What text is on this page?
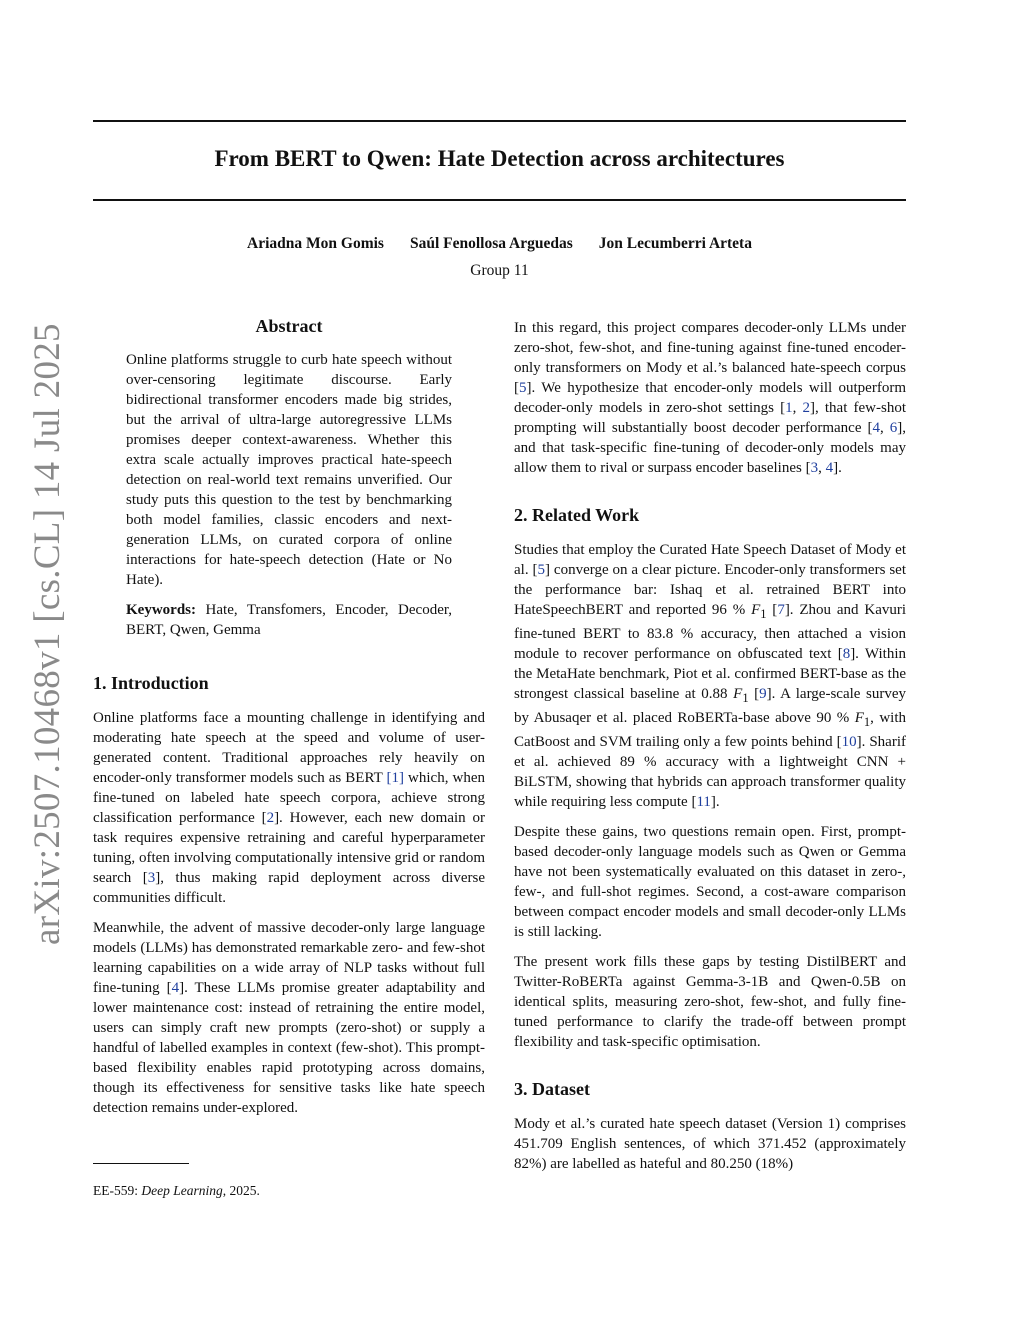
arXiv:2507.10468v1 [cs.CL] 14 Jul 2025
From BERT to Qwen: Hate Detection across architectures
Ariadna Mon Gomis Saúl Fenollosa Arguedas Jon Lecumberri Arteta
Group 11
Abstract

Online platforms struggle to curb hate speech without over-censoring legitimate discourse. Early bidirectional transformer encoders made big strides, but the arrival of ultra-large autoregressive LLMs promises deeper context-awareness. Whether this extra scale actually improves practical hate-speech detection on real-world text remains unverified. Our study puts this question to the test by benchmarking both model families, classic encoders and next-generation LLMs, on curated corpora of online interactions for hate-speech detection (Hate or No Hate).

Keywords: Hate, Transfomers, Encoder, Decoder, BERT, Qwen, Gemma

1. Introduction

Online platforms face a mounting challenge in identifying and moderating hate speech at the speed and volume of user-generated content. Traditional approaches rely heavily on encoder-only transformer models such as BERT [1] which, when fine-tuned on labeled hate speech corpora, achieve strong classification performance [2]. However, each new domain or task requires expensive retraining and careful hyperparameter tuning, often involving computationally intensive grid or random search [3], thus making rapid deployment across diverse communities difficult.

Meanwhile, the advent of massive decoder-only large language models (LLMs) has demonstrated remarkable zero- and few-shot learning capabilities on a wide array of NLP tasks without full fine-tuning [4]. These LLMs promise greater adaptability and lower maintenance cost: instead of retraining the entire model, users can simply craft new prompts (zero-shot) or supply a handful of labelled examples in context (few-shot). This prompt-based flexibility enables rapid prototyping across domains, though its effectiveness for sensitive tasks like hate speech detection remains under-explored.

EE-559: Deep Learning, 2025.

In this regard, this project compares decoder-only LLMs under zero-shot, few-shot, and fine-tuning against fine-tuned encoder-only transformers on Mody et al.’s balanced hate-speech corpus [5]. We hypothesize that encoder-only models will outperform decoder-only models in zero-shot settings [1, 2], that few-shot prompting will substantially boost decoder performance [4, 6], and that task-specific fine-tuning of decoder-only models may allow them to rival or surpass encoder baselines [3, 4].

2. Related Work

Studies that employ the Curated Hate Speech Dataset of Mody et al. [5] converge on a clear picture. Encoder-only transformers set the performance bar: Ishaq et al. retrained BERT into HateSpeechBERT and reported 96 % $F_1$ [7]. Zhou and Kavuri fine-tuned BERT to 83.8 % accuracy, then attached a vision module to recover performance on obfuscated text [8]. Within the MetaHate benchmark, Piot et al. confirmed BERT-base as the strongest classical baseline at 0.88 $F_1$ [9]. A large-scale survey by Abusaqer et al. placed RoBERTa-base above 90 % $F_1$, with CatBoost and SVM trailing only a few points behind [10]. Sharif et al. achieved 89 % accuracy with a lightweight CNN + BiLSTM, showing that hybrids can approach transformer quality while requiring less compute [11].

Despite these gains, two questions remain open. First, prompt-based decoder-only language models such as Qwen or Gemma have not been systematically evaluated on this dataset in zero-, few-, and full-shot regimes. Second, a cost-aware comparison between compact encoder models and small decoder-only LLMs is still lacking.

The present work fills these gaps by testing DistilBERT and Twitter-RoBERTa against Gemma-3-1B and Qwen-0.5B on identical splits, measuring zero-shot, few-shot, and fully fine-tuned performance to clarify the trade-off between prompt flexibility and task-specific optimisation.

3. Dataset

Mody et al.’s curated hate speech dataset (Version 1) comprises 451.709 English sentences, of which 371.452 (approximately 82%) are labelled as hateful and 80.250 (18%)
